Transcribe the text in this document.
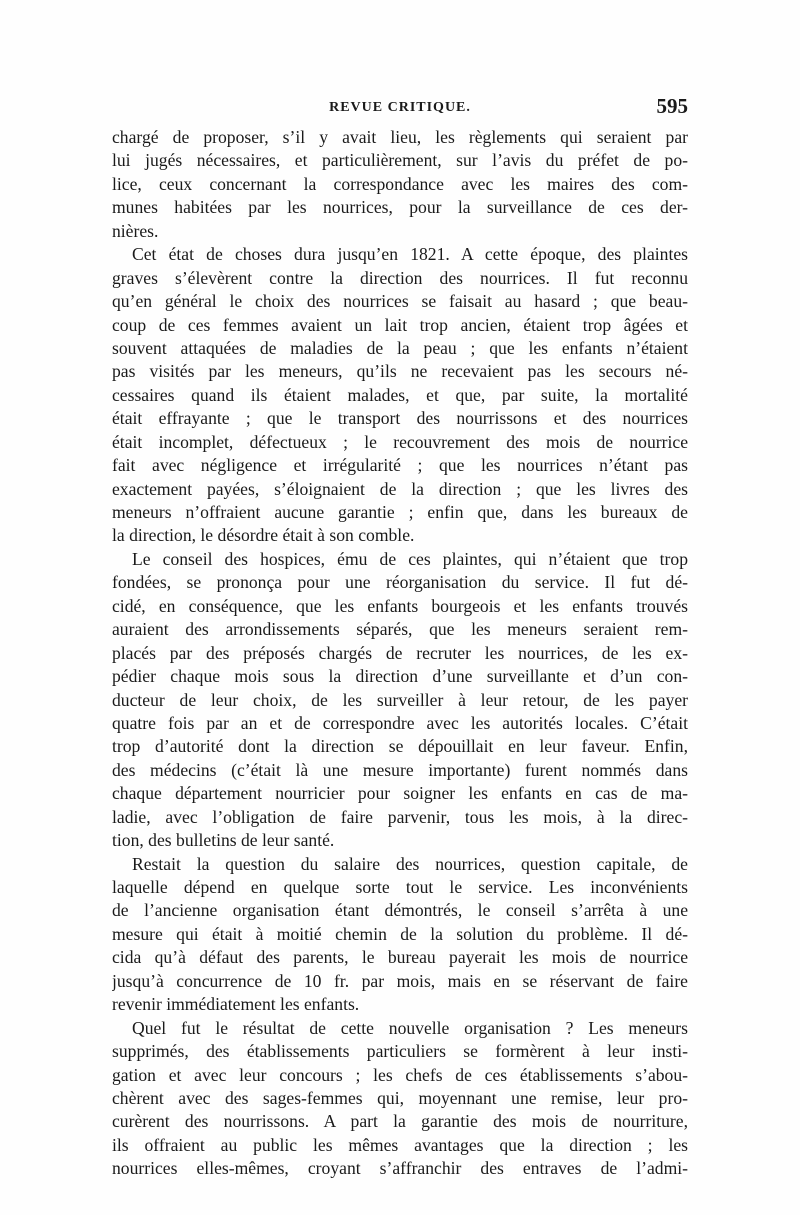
REVUE CRITIQUE.	595
chargé de proposer, s’il y avait lieu, les règlements qui seraient par
lui jugés nécessaires, et particulièrement, sur l’avis du préfet de po-
lice, ceux concernant la correspondance avec les maires des com-
munes habitées par les nourrices, pour la surveillance de ces der-
nières.
Cet état de choses dura jusqu’en 1821. A cette époque, des plaintes
graves s’élevèrent contre la direction des nourrices. Il fut reconnu
qu’en général le choix des nourrices se faisait au hasard ; que beau-
coup de ces femmes avaient un lait trop ancien, étaient trop âgées et
souvent attaquées de maladies de la peau ; que les enfants n’étaient
pas visités par les meneurs, qu’ils ne recevaient pas les secours né-
cessaires quand ils étaient malades, et que, par suite, la mortalité
était effrayante ; que le transport des nourrissons et des nourrices
était incomplet, défectueux ; le recouvrement des mois de nourrice
fait avec négligence et irrégularité ; que les nourrices n’étant pas
exactement payées, s’éloignaient de la direction ; que les livres des
meneurs n’offraient aucune garantie ; enfin que, dans les bureaux de
la direction, le désordre était à son comble.
Le conseil des hospices, ému de ces plaintes, qui n’étaient que trop
fondées, se prononça pour une réorganisation du service. Il fut dé-
cidé, en conséquence, que les enfants bourgeois et les enfants trouvés
auraient des arrondissements séparés, que les meneurs seraient rem-
placés par des préposés chargés de recruter les nourrices, de les ex-
pédier chaque mois sous la direction d’une surveillante et d’un con-
ducteur de leur choix, de les surveiller à leur retour, de les payer
quatre fois par an et de correspondre avec les autorités locales. C’était
trop d’autorité dont la direction se dépouillait en leur faveur. Enfin,
des médecins (c’était là une mesure importante) furent nommés dans
chaque département nourricier pour soigner les enfants en cas de ma-
ladie, avec l’obligation de faire parvenir, tous les mois, à la direc-
tion, des bulletins de leur santé.
Restait la question du salaire des nourrices, question capitale, de
laquelle dépend en quelque sorte tout le service. Les inconvénients
de l’ancienne organisation étant démontrés, le conseil s’arrêta à une
mesure qui était à moitié chemin de la solution du problème. Il dé-
cida qu’à défaut des parents, le bureau payerait les mois de nourrice
jusqu’à concurrence de 10 fr. par mois, mais en se réservant de faire
revenir immédiatement les enfants.
Quel fut le résultat de cette nouvelle organisation ? Les meneurs
supprimés, des établissements particuliers se formèrent à leur insti-
gation et avec leur concours ; les chefs de ces établissements s’abou-
chèrent avec des sages-femmes qui, moyennant une remise, leur pro-
curèrent des nourrissons. A part la garantie des mois de nourriture,
ils offraient au public les mêmes avantages que la direction ; les
nourrices elles-mêmes, croyant s’affranchir des entraves de l’admi-
